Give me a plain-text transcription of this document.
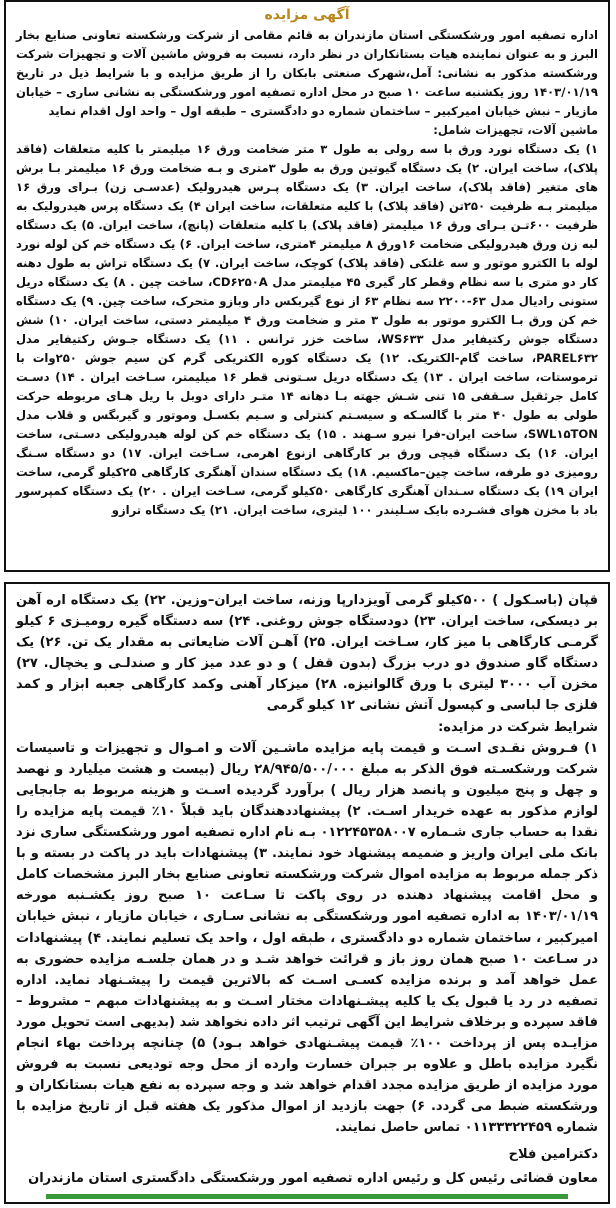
آگهی مزایده

اداره تصفیه امور ورشکستگی استان مازندران به قائم مقامی از شرکت ورشکسته تعاونی صنایع بخار البرز و به عنوان نماینده هیات بستانکاران در نظر دارد، نسبت به فروش ماشین آلات و تجهیزات شرکت ورشکسته مذکور به نشانی: آمل،شهرک صنعتی بابکان را از طریق مزایده و با شرایط ذیل در تاریخ ۱۴۰۳/۰۱/۱۹ روز یکشنبه ساعت ۱۰ صبح در محل اداره تصفیه امور ورشکستگی به نشانی ساری – خیابان مازیار – نبش خیابان امیرکبیر – ساختمان شماره دو دادگستری – طبقه اول – واحد اول اقدام نماید

ماشین آلات، تجهیزات شامل:

۱) یک دستگاه نورد ورق با سه رولی به طول ۳ متر ضخامت ورق ۱۶ میلیمتر با کلیه متعلقات (فاقد پلاک)، ساخت ایران. ۲) یک دستگاه گیوتین ورق به طول ۳متری و بـه ضخامت ورق ۱۶ میلیمتر بـا برش های متغیر (فاقد پلاک)، ساخت ایران. ۳) یک دستگاه پـرس هیدرولیک (عدسـی زن) بـرای ورق ۱۶ میلیمتر بـه ظرفیت ۲۵۰تن (فاقد پلاک) با کلیه متعلقات، ساخت ایران ۴) یک دستگاه پرس هیدرولیک به ظرفیت ۶۰۰تـن بـرای ورق ۱۶ میلیمتر (فاقد پلاک) با کلیه متعلقات (پانچ)، ساخت ایران. ۵) یک دستگاه لبه زن ورق هیدرولیکی ضخامت ۱۶ورق ۸ میلیمتر ۴متری، ساخت ایران. ۶) یک دستگاه خم کن لوله نورد لوله با الکترو موتور و سه غلتکی (فاقد پلاک) کوچک، ساخت ایران. ۷) یک دستگاه تراش به طول دهنه کار دو متری با سه نظام وقطر کار گیری ۴۵ میلیمتر مدل CD۶۲۵۰A، ساخت چین . ۸) یک دستگاه دریل ستونی رادیال مدل ۶۳-۲۲۰۰ سه نظام ۶۳ از نوع گیربکس دار وبازو متحرک، ساخت چین. ۹) یک دستگاه خم کن ورق بـا الکترو موتور به طول ۳ متر و ضخامت ورق ۴ میلیمتر دستی، ساخت ایران. ۱۰) شش دستگاه جوش رکتیفایر مدل WS۶۳۳، ساخت خزر ترانس . ۱۱) یک دستگاه جـوش رکتیفایر مدل PAREL۶۳۲، ساخت گام-الکتریک. ۱۲) یک دستگاه کوره الکتریکی گرم کن سیم جوش ۲۵۰وات با ترموستات، ساخت ایران . ۱۳) یک دستگاه دریل سـتونی قطر ۱۶ میلیمتر، سـاخت ایران . ۱۴) دسـت کامل جرثقیل سـقفی ۱۵ تنی شـش جهته بـا دهانه ۱۴ متـر دارای دوبل با ریل هـای مربوطه حرکت طولی به طول ۴۰ متر با گالسـکه و سیسـتم کنترلی و سـیم بکسـل وموتور و گیربگس و قلاب مدل SWL۱۵TON، ساخت ایران-فرا نیرو سـهند . ۱۵) یک دستگاه خم کن لوله هیدرولیکی دسـتی، ساخت ایران. ۱۶) یک دستگاه قیچی ورق بر کارگاهی ازنوع اهرمی، سـاخت ایران. ۱۷) دو دستگاه سـنگ رومیزی دو طرفه، ساخت چین–ماکسیم. ۱۸) یک دستگاه سندان آهنگری کارگاهی ۲۵کیلو گرمی، ساخت ایران ۱۹) یک دستگاه سـندان آهنگری کارگاهی ۵۰کیلو گرمی، سـاخت ایران . ۲۰) یک دستگاه کمپرسور باد با مخزن هوای فشـرده بایک سـلیندر ۱۰۰ لیتری، ساخت ایران. ۲۱) یک دستگاه ترازو

قپان (باسـکول ) ۵۰۰کیلو گرمی آویزدارپا وزنه، ساخت ایران–وزین. ۲۲) یک دستگاه اره آهن بر دیسکی، ساخت ایران. ۲۳) دودستگاه جوش روغنی. ۲۴) سه دستگاه گیره رومیـزی ۶ کیلو گرمـی کارگاهی با میز کار، سـاخت ایران. ۲۵) آهـن آلات ضایعاتی به مقدار یک تن. ۲۶) یک دستگاه گاو صندوق دو درب بزرگ (بدون قفل ) و دو عدد میز کار و صندلـی و یخچال. ۲۷) مخزن آب ۳۰۰۰ لیتری با ورق گالوانیزه. ۲۸) میزکار آهنی وکمد کارگاهی جعبه ابزار و کمد فلزی جا لباسی و کپسول آتش نشانی ۱۲ کیلو گرمی

شرایط شرکت در مزایده:

۱) فـروش نقـدی اسـت و قیمت پایه مزایده ماشـین آلات و امـوال و تجهیزات و تاسیسات شرکت ورشکسـته فوق الذکر به مبلغ ۲۸/۹۴۵/۵۰۰/۰۰۰ ریال (بیست و هشت میلیارد و نهصد و چهل و پنج میلیون و پانصد هزار ریال ) برآورد گردیده اسـت و هزینه مربوط به جابجایی لوازم مذکور به عهده خریدار اسـت. ۲) پیشنهاددهندگان باید قبلاً ۱۰٪ قیمت پایه مزایده را نقدا به حساب جاری شـماره ۰۱۲۲۴۵۳۵۸۰۰۷ بـه نام اداره تصفیه امور ورشکستگی ساری نزد بانک ملی ایران واریز و ضمیمه پیشنهاد خود نمایند. ۳) پیشنهادات باید در پاکت در بسته و با ذکر جمله مربوط به مزایده اموال شرکت ورشکسته تعاونی صنایع بخار البرز مشخصات کامل و محل اقامت پیشنهاد دهنده در روی پاکت تا سـاعت ۱۰ صبح روز یکشـنبه مورخه ۱۴۰۳/۰۱/۱۹ به اداره تصفیه امور ورشکستگی به نشانی سـاری ، خیابان مازیار ، نبش خیابان امیرکبیر ، ساختمان شماره دو دادگستری ، طبقه اول ، واحد یک تسلیم نمایند. ۴) پیشنهادات در سـاعت ۱۰ صبح همان روز باز و قرائت خواهد شـد و در همان جلسـه مزایده حضوری به عمل خواهد آمد و برنده مزایده کسـی اسـت که بالاترین قیمت را پیشـنهاد نماید. اداره تصفیه در رد یا قبول یک یا کلیه پیشـنهادات مختار اسـت و به پیشنهادات مبهم – مشروط – فاقد سپرده و برخلاف شرایط این آگهی ترتیب اثر داده نخواهد شد (بدیهی است تحویل مورد مزایـده پس از پرداخت ۱۰۰٪ قیمت پیشـنهادی خواهد بـود) ۵) چنانچه پرداخت بهاء انجام نگیرد مزایده باطل و علاوه بر جبران خسارت وارده از محل وجه تودیعی نسبت به فروش مورد مزایده از طریق مزایده مجدد اقدام خواهد شد و وجه سپرده به نفع هیات بستانکاران و ورشکسته ضبط می گردد. ۶) جهت بازدید از اموال مذکور یک هفته قبل از تاریخ مزایده با شماره ۰۱۱۳۳۳۲۲۴۵۹ تماس حاصل نمایند.

دکترامین فلاح
معاون قضائی رئیس کل و رئیس اداره تصفیه امور ورشکستگی دادگستری استان مازندران
